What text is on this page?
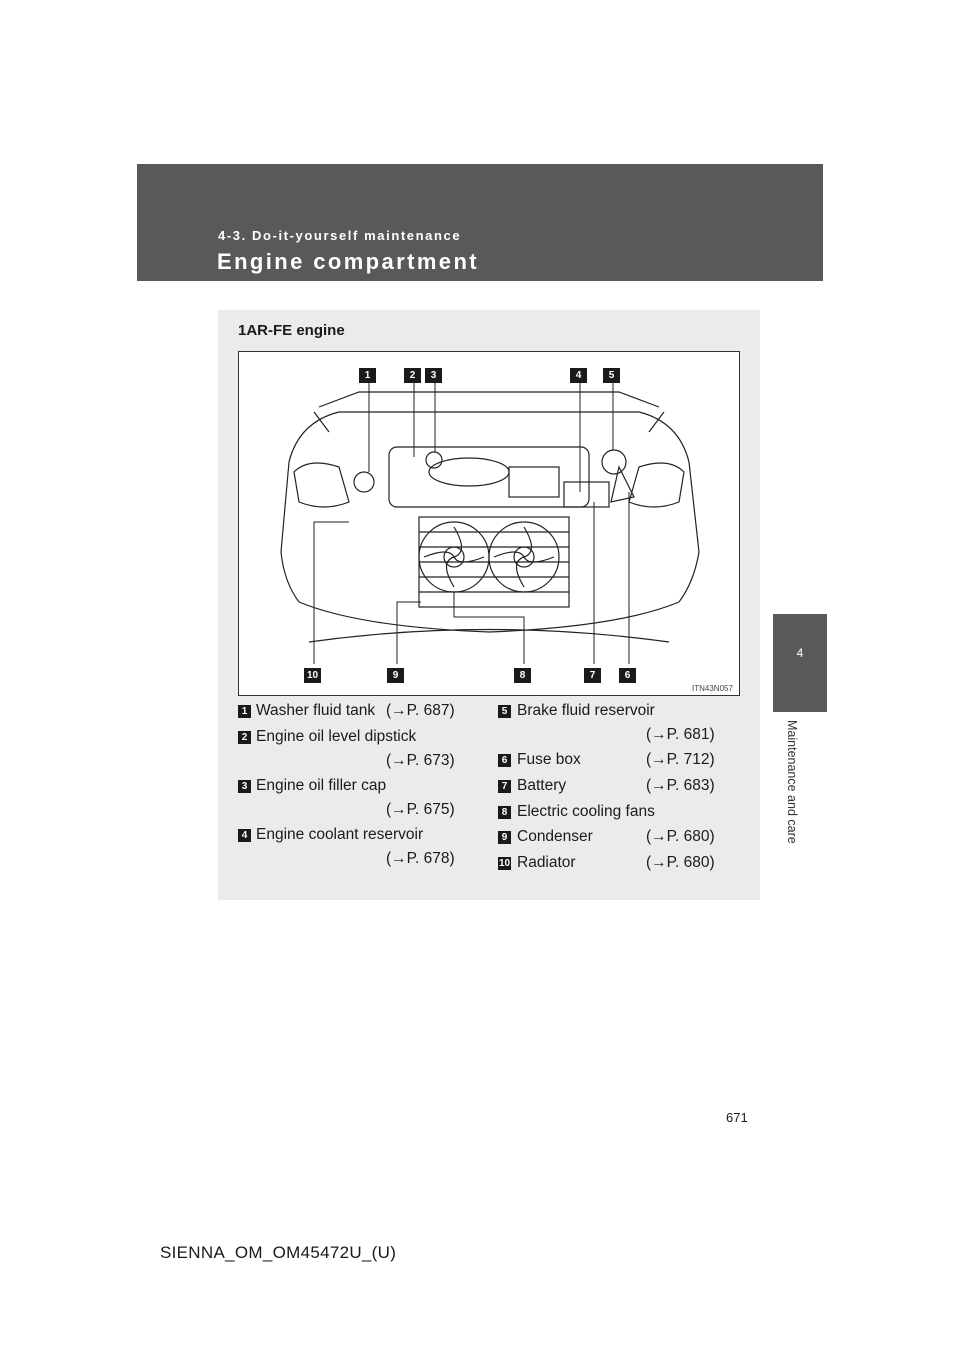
4-3. Do-it-yourself maintenance
Engine compartment
4
Maintenance and care
1AR-FE engine
1	2	3	4	5
10	9	8	7	6
ITN43N057
1 Washer fluid tank (→P. 687)
2 Engine oil level dipstick
(→P. 673)
3 Engine oil filler cap
(→P. 675)
4 Engine coolant reservoir
(→P. 678)
5 Brake fluid reservoir
(→P. 681)
6 Fuse box	(→P. 712)
7 Battery	(→P. 683)
8 Electric cooling fans
9 Condenser	(→P. 680)
10 Radiator	(→P. 680)
671
SIENNA_OM_OM45472U_(U)
